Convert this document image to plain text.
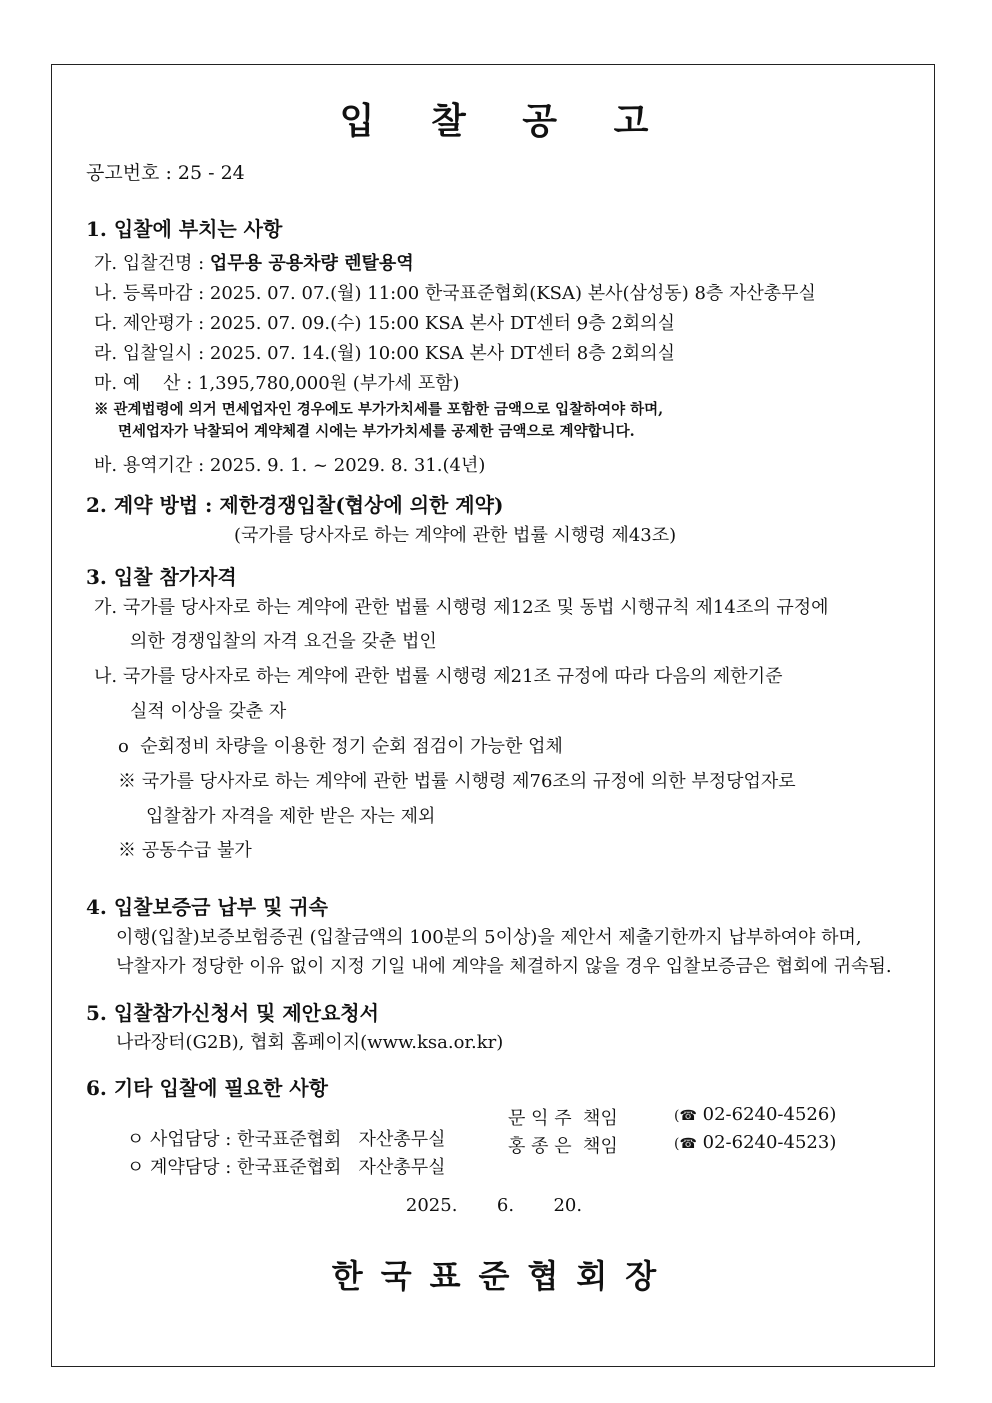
입 찰 공 고
공고번호 : 25 - 24
1. 입찰에 부치는 사항
가. 입찰건명 : 업무용 공용차량 렌탈용역
나. 등록마감 : 2025. 07. 07.(월) 11:00 한국표준협회(KSA) 본사(삼성동) 8층 자산총무실
다. 제안평가 : 2025. 07. 09.(수) 15:00 KSA 본사 DT센터 9층 2회의실
라. 입찰일시 : 2025. 07. 14.(월) 10:00 KSA 본사 DT센터 8층 2회의실
마. 예    산 : 1,395,780,000원 (부가세 포함)
※ 관계법령에 의거 면세업자인 경우에도 부가가치세를 포함한 금액으로 입찰하여야 하며,
면세업자가 낙찰되어 계약체결 시에는 부가가치세를 공제한 금액으로 계약합니다.
바. 용역기간 : 2025. 9. 1. ~ 2029. 8. 31.(4년)
2. 계약 방법 : 제한경쟁입찰(협상에 의한 계약)
(국가를 당사자로 하는 계약에 관한 법률 시행령 제43조)
3. 입찰 참가자격
가. 국가를 당사자로 하는 계약에 관한 법률 시행령 제12조 및 동법 시행규칙 제14조의 규정에
의한 경쟁입찰의 자격 요건을 갖춘 법인
나. 국가를 당사자로 하는 계약에 관한 법률 시행령 제21조 규정에 따라 다음의 제한기준
실적 이상을 갖춘 자
o  순회정비 차량을 이용한 정기 순회 점검이 가능한 업체
※ 국가를 당사자로 하는 계약에 관한 법률 시행령 제76조의 규정에 의한 부정당업자로
입찰참가 자격을 제한 받은 자는 제외
※ 공동수급 불가
4. 입찰보증금 납부 및 귀속
이행(입찰)보증보험증권 (입찰금액의 100분의 5이상)을 제안서 제출기한까지 납부하여야 하며,
낙찰자가 정당한 이유 없이 지정 기일 내에 계약을 체결하지 않을 경우 입찰보증금은 협회에 귀속됨.
5. 입찰참가신청서 및 제안요청서
나라장터(G2B), 협회 홈페이지(www.ksa.or.kr)
6. 기타 입찰에 필요한 사항

ㅇ 사업담당 : 한국표준협회   자산총무실

문 익 주  책임	(☎ 02-6240-4526)

ㅇ 계약담당 : 한국표준협회   자산총무실

홍 종 은  책임	(☎ 02-6240-4523)
2025.  6.  20.
한국표준협회장
